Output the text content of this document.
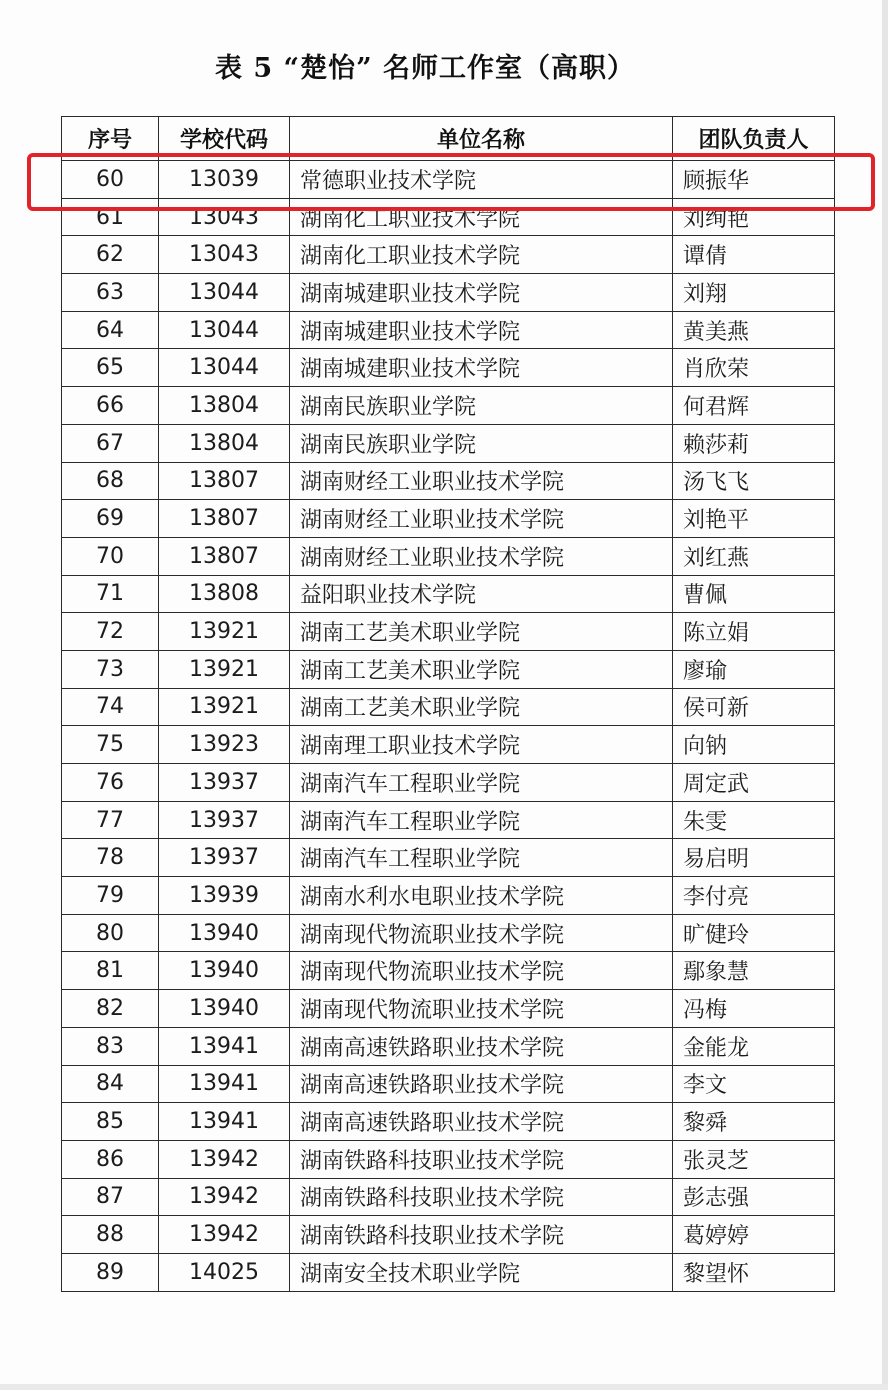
表 5 “楚怡” 名师工作室（高职）
序号	学校代码	单位名称	团队负责人
60	13039	常德职业技术学院	顾振华
61	13043	湖南化工职业技术学院	刘绚艳
62	13043	湖南化工职业技术学院	谭倩
63	13044	湖南城建职业技术学院	刘翔
64	13044	湖南城建职业技术学院	黄美燕
65	13044	湖南城建职业技术学院	肖欣荣
66	13804	湖南民族职业学院	何君辉
67	13804	湖南民族职业学院	赖莎莉
68	13807	湖南财经工业职业技术学院	汤飞飞
69	13807	湖南财经工业职业技术学院	刘艳平
70	13807	湖南财经工业职业技术学院	刘红燕
71	13808	益阳职业技术学院	曹佩
72	13921	湖南工艺美术职业学院	陈立娟
73	13921	湖南工艺美术职业学院	廖瑜
74	13921	湖南工艺美术职业学院	侯可新
75	13923	湖南理工职业技术学院	向钠
76	13937	湖南汽车工程职业学院	周定武
77	13937	湖南汽车工程职业学院	朱雯
78	13937	湖南汽车工程职业学院	易启明
79	13939	湖南水利水电职业技术学院	李付亮
80	13940	湖南现代物流职业技术学院	旷健玲
81	13940	湖南现代物流职业技术学院	鄢象慧
82	13940	湖南现代物流职业技术学院	冯梅
83	13941	湖南高速铁路职业技术学院	金能龙
84	13941	湖南高速铁路职业技术学院	李文
85	13941	湖南高速铁路职业技术学院	黎舜
86	13942	湖南铁路科技职业技术学院	张灵芝
87	13942	湖南铁路科技职业技术学院	彭志强
88	13942	湖南铁路科技职业技术学院	葛婷婷
89	14025	湖南安全技术职业学院	黎望怀
